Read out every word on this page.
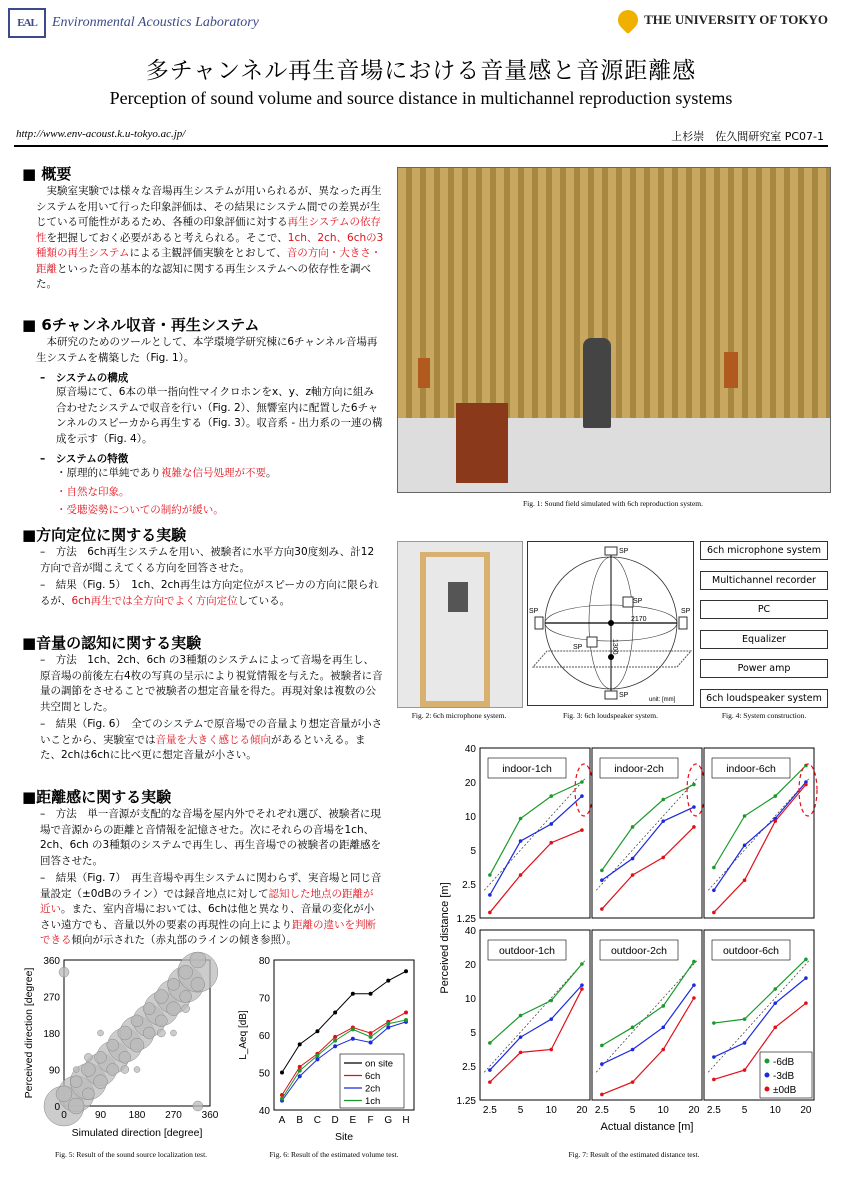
EAL	Environmental Acoustics Laboratory	THE UNIVERSITY OF TOKYO
多チャンネル再生音場における音量感と音源距離感
Perception of sound volume and source distance in multichannel reproduction systems
http://www.env-acoust.k.u-tokyo.ac.jp/	上杉崇　佐久間研究室 PC07-1
■ 概要
　実験室実験では様々な音場再生システムが用いられるが、異なった再生システムを用いて行った印象評価は、その結果にシステム間での差異が生じている可能性があるため、各種の印象評価に対する再生システムの依存性を把握しておく必要があると考えられる。そこで、1ch、2ch、6chの3種類の再生システムによる主観評価実験をとおして、音の方向・大きさ・距離といった音の基本的な認知に関する再生システムへの依存性を調べた。
■ 6チャンネル収音・再生システム
　本研究のためのツールとして、本学環境学研究棟に6チャンネル音場再生システムを構築した（Fig. 1）。
–　システムの構成
原音場にて、6本の単一指向性マイクロホンをx、y、z軸方向に組み合わせたシステムで収音を行い（Fig. 2）、無響室内に配置した6チャンネルのスピーカから再生する（Fig. 3）。収音系 - 出力系の一連の構成を示す（Fig. 4）。
–　システムの特徴
・原理的に単純であり複雑な信号処理が不要。
・自然な印象。
・受聴姿勢についての制約が緩い。
■方向定位に関する実験
–　方法　6ch再生システムを用い、被験者に水平方向30度刻み、計12方向で音が聞こえてくる方向を回答させた。
–　結果（Fig. 5）　1ch、2ch再生は方向定位がスピーカの方向に限られるが、6ch再生では全方向でよく方向定位している。
■音量の認知に関する実験
–　方法　1ch、2ch、6ch の3種類のシステムによって音場を再生し、原音場の前後左右4枚の写真の呈示により視覚情報を与えた。被験者に音量の調節をさせることで被験者の想定音量を得た。再現対象は複数の公共空間とした。
–　結果（Fig. 6）　全てのシステムで原音場での音量より想定音量が小さいことから、実験室では音量を大きく感じる傾向があるといえる。また、2chは6chに比べ更に想定音量が小さい。
■距離感に関する実験
–　方法　単一音源が支配的な音場を屋内外でそれぞれ選び、被験者に現場で音源からの距離と音情報を記憶させた。次にそれらの音場を1ch、2ch、6ch の3種類のシステムで再生し、再生音場での被験者の距離感を回答させた。
–　結果（Fig. 7）　再生音場や再生システムに関わらず、実音場と同じ音量設定（±0dBのライン）では録音地点に対して認知した地点の距離が近い。また、室内音場においては、6chは他と異なり、音量の変化が小さい遠方でも、音量以外の要素の再現性の向上により距離の違いを判断できる傾向が示された（赤丸部のラインの傾き参照）。
Fig. 1: Sound field simulated with 6ch reproduction system.
Fig. 2: 6ch microphone system.
SP
SP
SP	SP
SP
SP
2170
1300
unit: [mm]
Fig. 3: 6ch loudspeaker system.
6ch microphone system
Multichannel recorder
PC
Equalizer
Power amp
6ch loudspeaker system
Fig. 4: System construction.
0	90 180 270 360
0
90
180
270
360
Simulated direction [degree]
Perceived direction [degree]
Fig. 5: Result of the sound source localization test.
40
50
60
70
80
A B C D E F G H
Site
L_Aeq [dB]
on site
6ch
2ch
1ch
Fig. 6: Result of the estimated volume test.
indoor-1ch
1.25
2.5
5
10
20
40
indoor-2ch	indoor-6ch
outdoor-1ch
1.25
2.5
5
10
20
40
2.5 5 10 20
outdoor-2ch
2.5 5 10 20
outdoor-6ch
2.5 5 10 20
Actual distance [m]
Perceived distance [m]
-6dB
-3dB
±0dB
Fig. 7: Result of the estimated distance test.
